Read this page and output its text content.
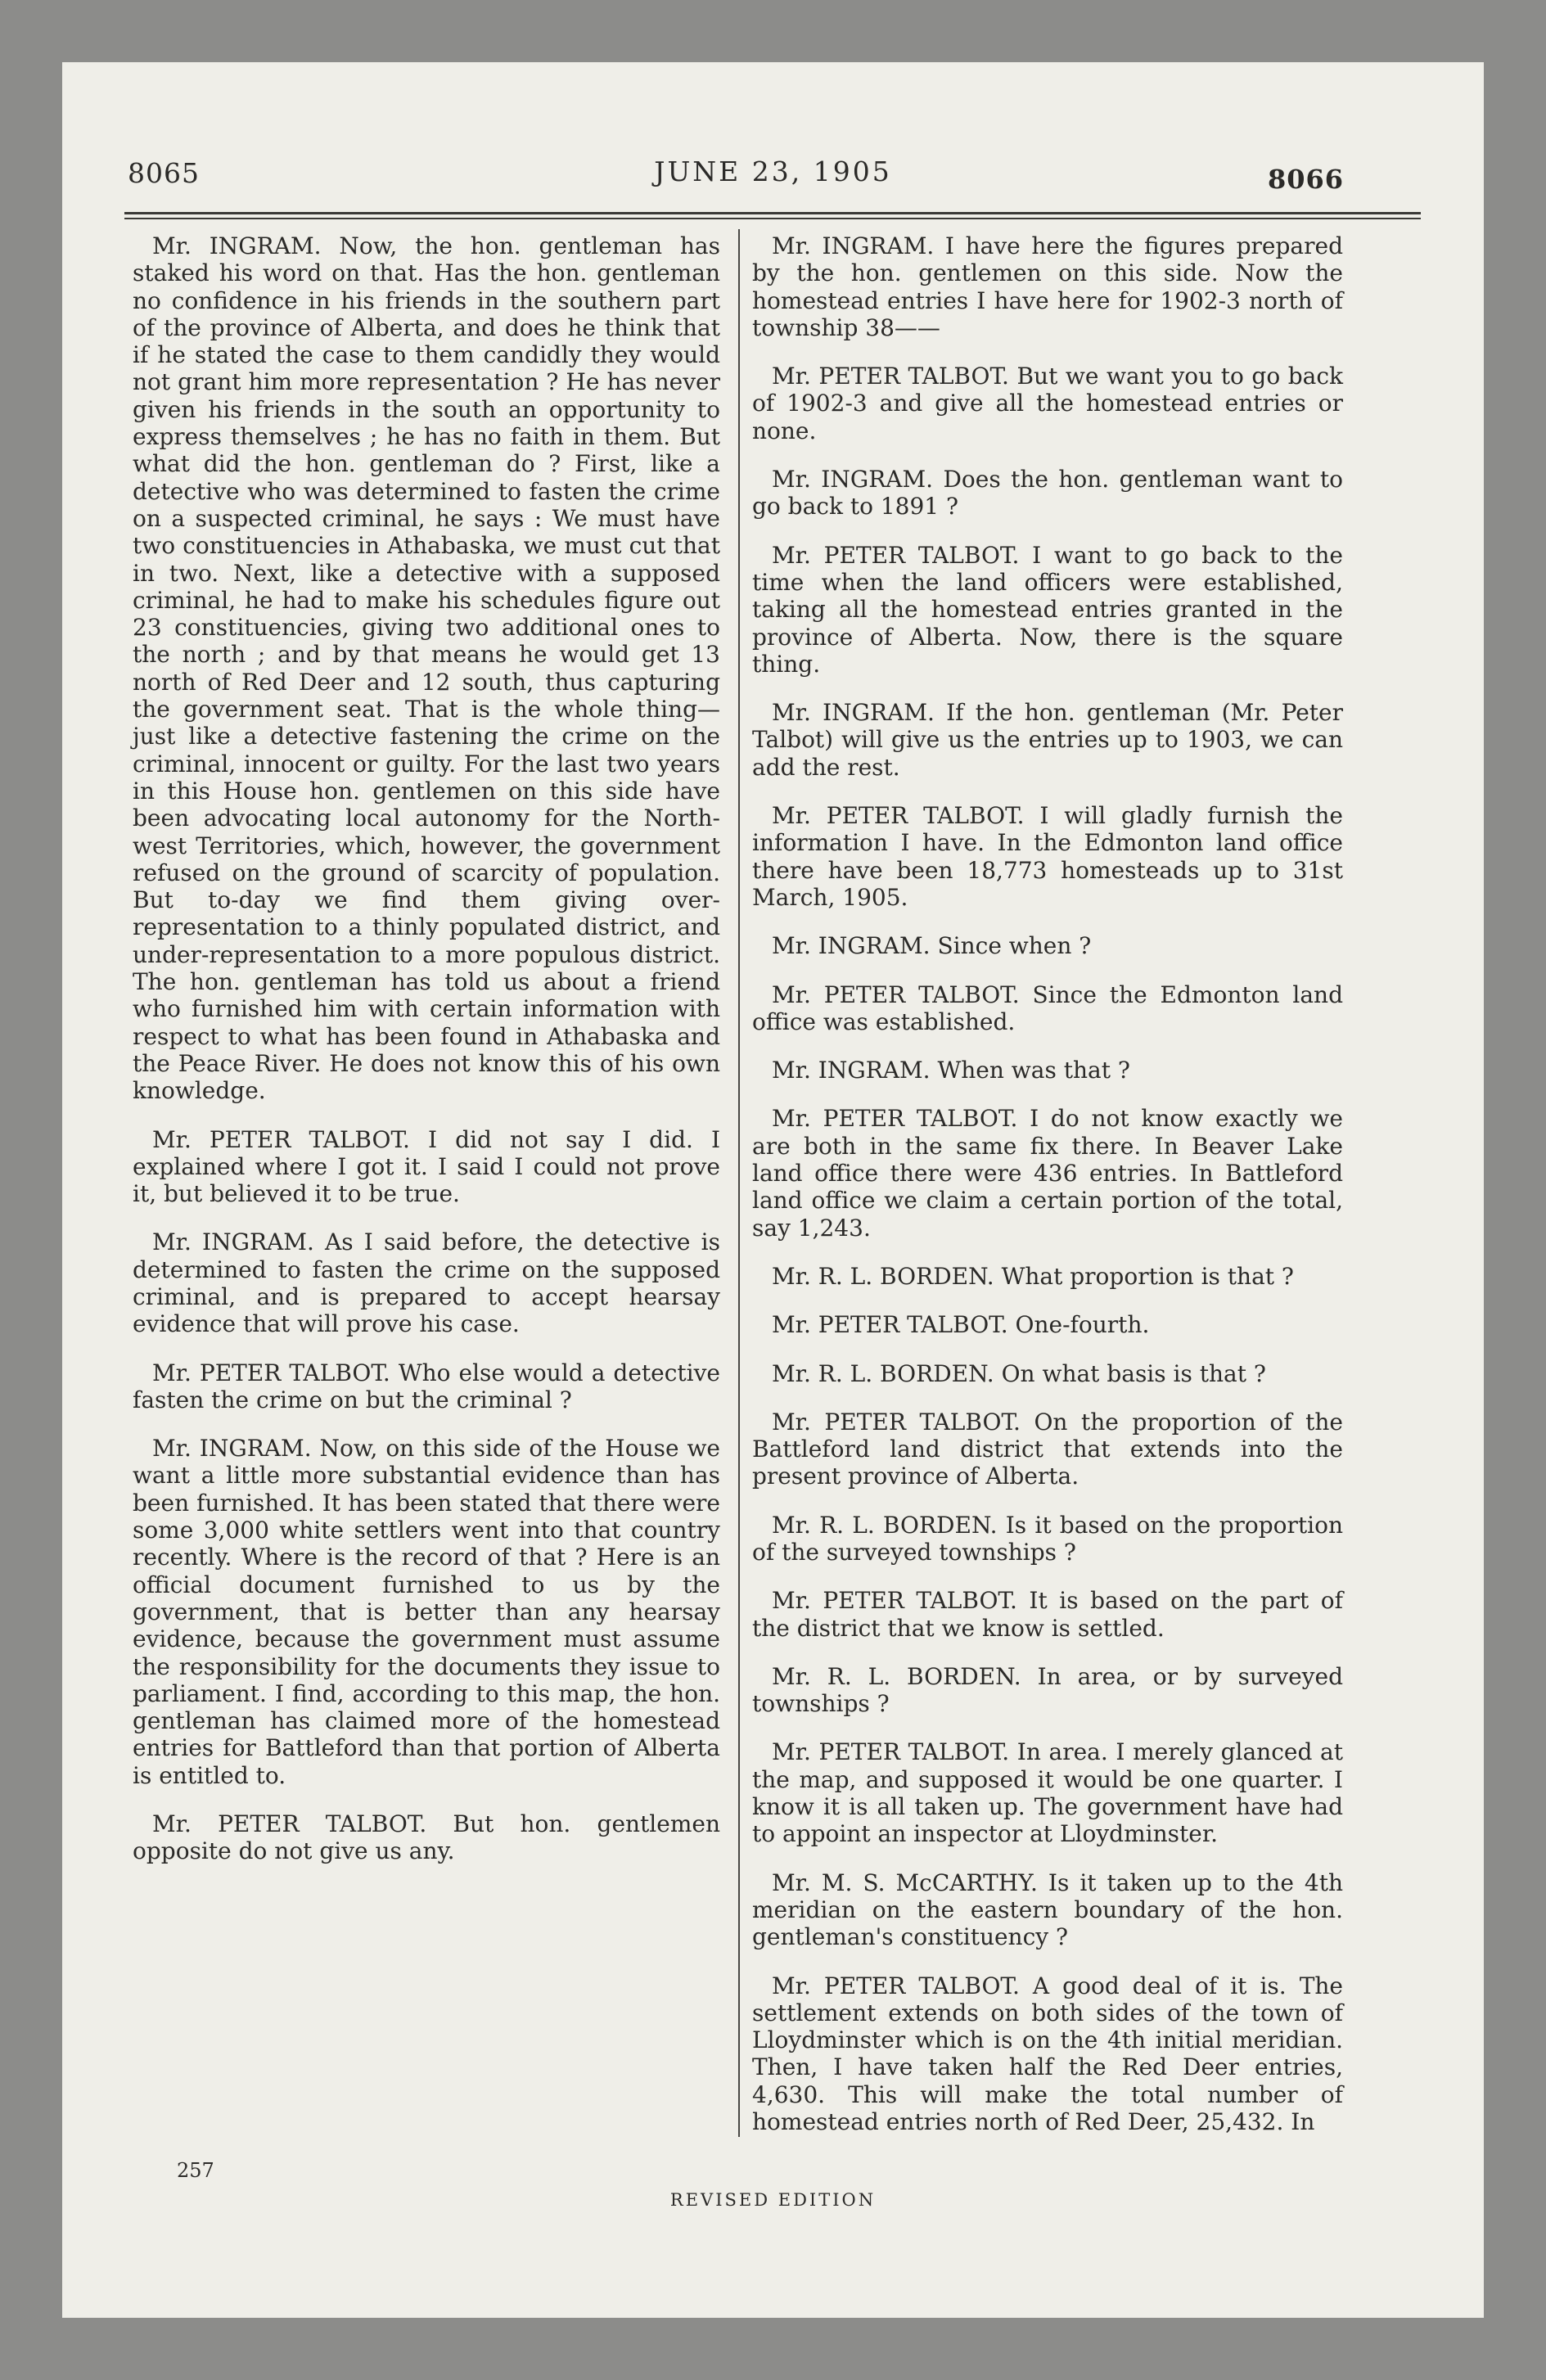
8065	JUNE 23, 1905	8066

Mr. INGRAM. Now, the hon. gentleman has staked his word on that. Has the hon. gentleman no confidence in his friends in the southern part of the province of Alberta, and does he think that if he stated the case to them candidly they would not grant him more representation ? He has never given his friends in the south an opportunity to express themselves ; he has no faith in them. But what did the hon. gentleman do ? First, like a detective who was determined to fasten the crime on a suspected criminal, he says : We must have two constituencies in Athabaska, we must cut that in two. Next, like a detective with a supposed criminal, he had to make his schedules figure out 23 constituencies, giving two additional ones to the north ; and by that means he would get 13 north of Red Deer and 12 south, thus capturing the government seat. That is the whole thing—just like a detective fastening the crime on the criminal, innocent or guilty. For the last two years in this House hon. gentlemen on this side have been advocating local autonomy for the North-west Territories, which, however, the government refused on the ground of scarcity of population. But to-day we find them giving over-representation to a thinly populated district, and under-representation to a more populous district. The hon. gentleman has told us about a friend who furnished him with certain information with respect to what has been found in Athabaska and the Peace River. He does not know this of his own knowledge.

Mr. PETER TALBOT. I did not say I did. I explained where I got it. I said I could not prove it, but believed it to be true.

Mr. INGRAM. As I said before, the detective is determined to fasten the crime on the supposed criminal, and is prepared to accept hearsay evidence that will prove his case.

Mr. PETER TALBOT. Who else would a detective fasten the crime on but the criminal ?

Mr. INGRAM. Now, on this side of the House we want a little more substantial evidence than has been furnished. It has been stated that there were some 3,000 white settlers went into that country recently. Where is the record of that ? Here is an official document furnished to us by the government, that is better than any hearsay evidence, because the government must assume the responsibility for the documents they issue to parliament. I find, according to this map, the hon. gentleman has claimed more of the homestead entries for Battleford than that portion of Alberta is entitled to.

Mr. PETER TALBOT. But hon. gentlemen opposite do not give us any.

Mr. INGRAM. I have here the figures prepared by the hon. gentlemen on this side. Now the homestead entries I have here for 1902-3 north of township 38——

Mr. PETER TALBOT. But we want you to go back of 1902-3 and give all the homestead entries or none.

Mr. INGRAM. Does the hon. gentleman want to go back to 1891 ?

Mr. PETER TALBOT. I want to go back to the time when the land officers were established, taking all the homestead entries granted in the province of Alberta. Now, there is the square thing.

Mr. INGRAM. If the hon. gentleman (Mr. Peter Talbot) will give us the entries up to 1903, we can add the rest.

Mr. PETER TALBOT. I will gladly furnish the information I have. In the Edmonton land office there have been 18,773 homesteads up to 31st March, 1905.

Mr. INGRAM. Since when ?

Mr. PETER TALBOT. Since the Edmonton land office was established.

Mr. INGRAM. When was that ?

Mr. PETER TALBOT. I do not know exactly we are both in the same fix there. In Beaver Lake land office there were 436 entries. In Battleford land office we claim a certain portion of the total, say 1,243.

Mr. R. L. BORDEN. What proportion is that ?

Mr. PETER TALBOT. One-fourth.

Mr. R. L. BORDEN. On what basis is that ?

Mr. PETER TALBOT. On the proportion of the Battleford land district that extends into the present province of Alberta.

Mr. R. L. BORDEN. Is it based on the proportion of the surveyed townships ?

Mr. PETER TALBOT. It is based on the part of the district that we know is settled.

Mr. R. L. BORDEN. In area, or by surveyed townships ?

Mr. PETER TALBOT. In area. I merely glanced at the map, and supposed it would be one quarter. I know it is all taken up. The government have had to appoint an inspector at Lloydminster.

Mr. M. S. McCARTHY. Is it taken up to the 4th meridian on the eastern boundary of the hon. gentleman's constituency ?

Mr. PETER TALBOT. A good deal of it is. The settlement extends on both sides of the town of Lloydminster which is on the 4th initial meridian. Then, I have taken half the Red Deer entries, 4,630. This will make the total number of homestead entries north of Red Deer, 25,432. In

257
REVISED EDITION
